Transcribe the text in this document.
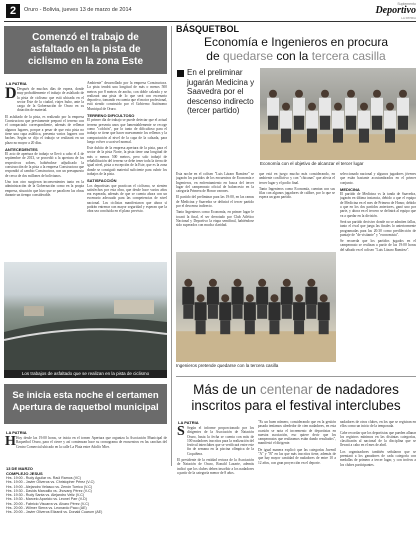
2	Oruro - Bolivia, jueves 13 de marzo de 2014
Suplemento
Deportivo
LA PATRIA
Comenzó el trabajo de asfaltado en la pista de ciclismo en la zona Este
LA PATRIA
D Después de muchos días de espera, donde muy probablemente el trabajo de asfaltado de la pista de ciclismo que está ubicada en el sector Este de la ciudad, viajes hubo, ante la carga de la Gobernación de Oruro en su dotación de material.

El asfaltado de la pista, es realizado por la empresa Constructora que previamente preparó el terreno con el compactado correspondiente, además de rellenar algunos lugares, porque a pesar de que esta pista no tiene una capa asfáltica, presenta varios lugares con baches. Según se dijo el trabajo se realizará en un plazo no mayor a 20 días.

ANTECEDENTES

El acto de apertura de trabajo se llevó a cabo el 4 de septiembre de 2013, se procedió a la apertura de los respectivos sobres, habiéndose adjudicado la construcción de la pista a la empresa Constructora que respondió al cambio Constructora, con un presupuesto de cerca de dos millones de bolivianos.

Uno tras otro surgieron inconvenientes tanto en la administración de la Gobernación como en la propia empresa, situación que hizo que se paralicen las obras durante un tiempo considerable.

Ambiente" desarrollado por la empresa Constructora. La pista tendrá una longitud de más o menos 500 metros por 8 metros de ancho, con doble calzada y se realizará una pista de lo que será con escenario deportivo, tomando en cuenta que el motor profesional, está siendo construido por el Gobierno Autónomo Municipal de Oruro.

TERRENO DIFICULTOSO

El primer día de trabajo se puede detectar que el actual terreno presenta unos que lamentablemente se recoge como "colchón", por lo tanto de dificultoso para el trabajo se tiene que hacer nuevamente los rellenos y la compactación al nivel de la capa de la calzada, para luego volver a su nivel normal.

Este dubito de la empresa apertura de la pista, para el sector de la pista Norte, la pista tiene una longitud de más o menos 500 metros, pero solo trabajó de rehabilitación del terreno se debe tener toda la tierra de igual nivel, pista a excepción de la Este, que es la zona donde se consiguió material suficiente para cubrir los trabajos de la pista.

SATISFACCIÓN

Los deportistas que practican el ciclismo, se sienten satisfechos por esta obra, que desde hace varios años era esperada, además de que se cuenta ahora con un escenario adecuado para las competencias de nivel nacional. Los ciclistas manifestaron que ahora sí podrán entrenar con mayor seguridad y esperan que la obra sea concluida en el plazo previsto.

Los trabajos de asfaltado que se realizan en la pista de ciclismo
Se inicia esta noche el certamen Apertura de raquetbol municipal
LA PATRIA
H Hoy desde las 19:00 horas, se inicia en el torneo Apertura que organiza la Asociación Municipal de Raquetbol Oruro, para el cierre y así comienzan hace su cronograma de encuentros en las canchas del Centro Comercial ubicado en la calle La Plata entre Adolfo Mier.
13 DE MARZO
COMPLEJO JESUS
Hrs. 19:00 - Rudy Aguilar vs. Raúl Ramos (VC)
Hrs. 19:00 - Javier Oliveros vs. Christopher Pérez (V-C)
Hrs. 19:00 - Alejandro Velasco vs. Zenón Torrico (V-C)
Hrs. 19:30 - Davids Marcaillo vs. Jhovany Pérez (V-C)
Hrs. 19:30 - Rudy Santa vs. Alejandro Veliz (V-C)
Hrs. 19:30 - Marcelo Aparicio vs. Leonel Parr (V-D)
Hrs. 20:00 - Fabricio Viscarra vs. Alvaro Pérez (V-C)
Hrs. 20:00 - Wilmer Sierra vs. Leonardo Paco (AE)
Hrs. 20:00 - Javier Oliveros Elizardi vs. Donald Cuarum (AE)
BÁSQUETBOL
Economía e Ingenieros en procura
de quedarse con la tercera casilla
En el preliminar jugarán Medicina y Saavedra por el descenso indirecto (tercer partido)
Economía con el objetivo de alcanzar el tercer lugar

Esta noche en el coliseo "Luis Lázaro Ramírez" se jugarán los partidos de los encuentros de Economía e Ingenieros, en enfrentamiento en busca del tercer lugar del campeonato oficial de baloncesto en la categoría Primera de Honor varones.

El partido del preliminar para las 19:00, en las ramas de Medicina y Saavedra se definirá el tercer partido por el descenso indirecto.

Tanto Ingenieros como Economía, en primer lugar le tocará la final, el ser derrotado por Club Atlético Nacional y Deportivo la etapa semifinal, habiéndose sido superados con mucha claridad.

que está en juego mucho más considerando, en ambiente conflictivo y con "chicanas" que afecta el tercer lugar y el podio final.

Tanto Ingenieros como Economía, cuentan con sus filas con algunos jugadores de calibre, por lo que se espera un gran partido.

seleccionado nacional y algunos jugadores jóvenes que están bastante acostumbrados en el primer conjunto.

MEDICINA

El partido de Medicina vs la tanda de Saavedra, jugarán en última instancia, debido a que el equipo de Medicina en el mes de Primera de Honor, debido a que en los dos partidos anteriores, ganó uno por parte, y ahora en el tercero se definirá al equipo que va a quedar en la división.

Será un partido decisivo donde no se admiten fallas, tanto el rival que juega las finales lo anteriormente programadas para las 20:30 como predilección de puntaje de "de visitante" y "economista".

Se recuerda que los partidos jugados en el campeonato se realizan a partir de las 19:00 horas del sábado en el coliseo "Luis Lázaro Ramírez".

Ingenieros pretende quedarse con la tercera casilla
Más de un centenar de nadadores
inscritos para el festival interclubes
LA PATRIA
S Según el informe proporcionado por los dirigentes de la Asociación de Natación Oruro, hasta la fecha se cuenta con más de 100 nadadores inscritos para la realización del festival interclubes que se verificará entre este fin de semana en la piscina olímpica de la Coquiñera.

El presidente de la entidad rectora de la Asociación de Natación de Oruro, Ronald Lazarte, además indicó que los clubes deben inscribir a los nadadores a partir de la categoría menor de 8 años.

"Es un buen número, considerando que en la gestión pasada teníamos alrededor de cien nadadores, en esta ocasión se nota el incremento de deportistas en nuestra asociación, eso quiere decir que los campeonatos que realizamos están dando resultados", manifestó el dirigente.

De igual manera explicó que las categorías Juvenil "A" y "B" en las que más inscritos tiene, además de que hay mayor cantidad de nadadores de entre 10 a 12 años, con gran proyección en el deporte.

nadadores de otros clubes, en los que se registran en ellos como un inicio de la temporada.

Cabe recordar que los deportistas que pueden allanar los registros mínimos en las distintas categorías, clasificarán al nacional de la disciplina que se llevará a cabo en el mes de abril.

Los organizadores también señalaron que se premiará a los ganadores de cada categoría con medallas de primero a tercer lugar, y con trofeos a los clubes participantes.
